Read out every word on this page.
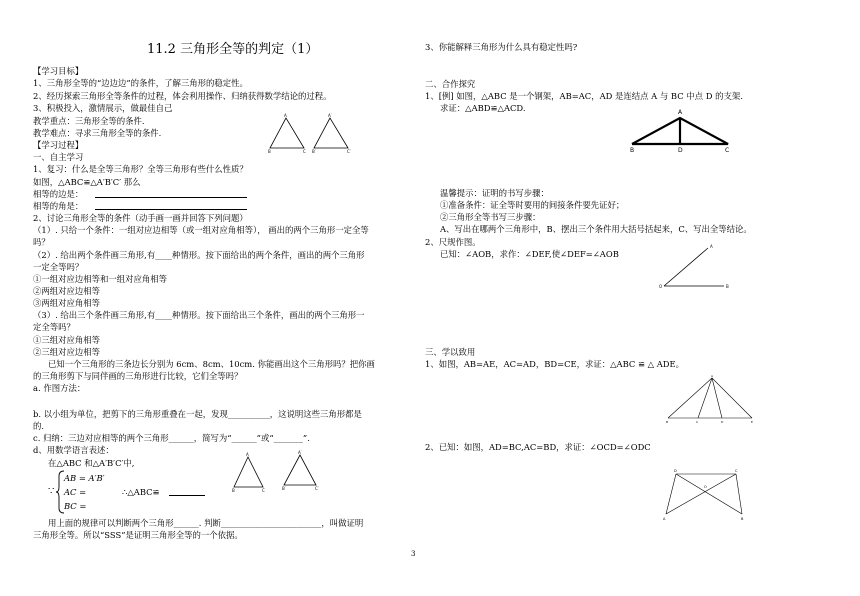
11.2 三角形全等的判定（1）
【学习目标】
1、三角形全等的“边边边”的条件，了解三角形的稳定性。
2、经历探索三角形全等条件的过程，体会利用操作、归纳获得数学结论的过程。
3、积极投入，激情展示，做最佳自己
教学重点：三角形全等的条件.
教学难点：寻求三角形全等的条件.
【学习过程】
一、自主学习
1、复习：什么是全等三角形？全等三角形有些什么性质？
如图，△ABC≌△A′B′C′ 那么
相等的边是：
相等的角是：
2、讨论三角形全等的条件（动手画一画并回答下列问题）
（1）. 只给一个条件：一组对应边相等（或一组对应角相等）， 画出的两个三角形一定全等
吗？
（2）. 给出两个条件画三角形,有____种情形。按下面给出的两个条件，画出的两个三角形
一定全等吗？
①一组对应边相等和一组对应角相等
②两组对应边相等
③两组对应角相等
（3）. 给出三个条件画三角形,有____种情形。按下面给出三个条件，画出的两个三角形一
定全等吗？
①三组对应角相等
②三组对应边相等
已知一个三角形的三条边长分别为 6cm、8cm、10cm. 你能画出这个三角形吗？把你画
的三角形剪下与同伴画的三角形进行比较，它们全等吗？
a. 作图方法：
b. 以小组为单位，把剪下的三角形重叠在一起，发现__________，这说明这些三角形都是
的.
c. 归纳：三边对应相等的两个三角形______，简写为“______”或“_______”.
d、用数学语言表述：
在△ABC 和△A′B′C′中,
∵
AB = A′B′
AC =
BC =
∴△ABC≌
用上面的规律可以判断两个三角形______. 判断________________________，叫做证明
三角形全等。所以“SSS”是证明三角形全等的一个依据。
A
B	C
A′
B′	C′
A
B	C
A′
B′	C′
3、你能解释三角形为什么具有稳定性吗?
二、合作探究
1、[例] 如图，△ABC 是一个钢架，AB=AC，AD 是连结点 A 与 BC 中点 D 的支架.
求证：△ABD≌△ACD.	A
B	D	C
温馨提示：证明的书写步骤：
①准备条件：证全等时要用的间接条件要先证好；
②三角形全等书写三步骤：
A、写出在哪两个三角形中，B、摆出三个条件用大括号括起来，C、写出全等结论。
2、尺规作图。
已知：∠AOB，求作：∠DEF,使∠DEF=∠AOB
A
O	B
三、学以致用
1、如图，AB=AE，AC=AD，BD=CE，求证：△ABC ≌ △ ADE。
A
B	C	D	E
2、已知：如图，AD=BC,AC=BD，求证：∠OCD=∠ODC
D	C
O
A	B
3
